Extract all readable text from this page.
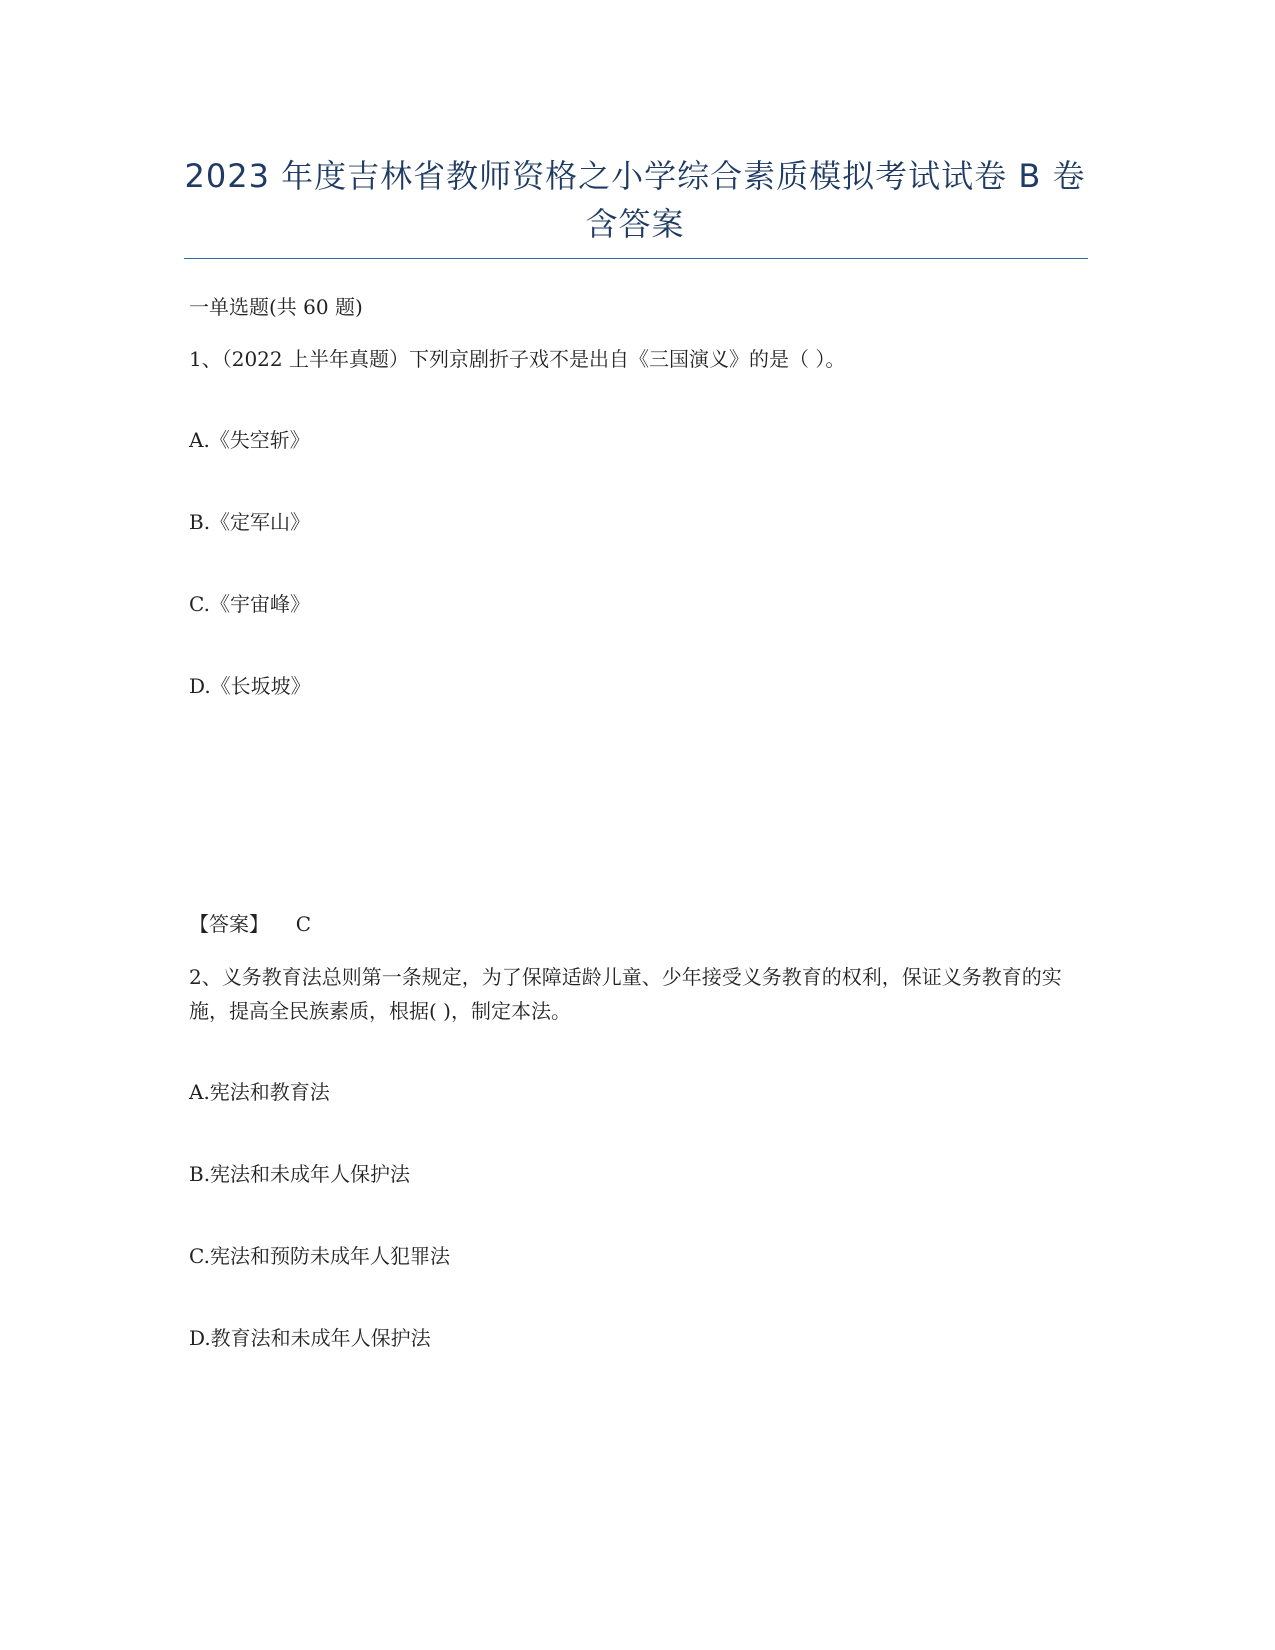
2023 年度吉林省教师资格之小学综合素质模拟考试试卷 B 卷含答案
一单选题(共 60 题)
1、（2022 上半年真题）下列京剧折子戏不是出自《三国演义》的是（ ）。
A.《失空斩》
B.《定军山》
C.《宇宙峰》
D.《长坂坡》
【答案】 C
2、义务教育法总则第一条规定，为了保障适龄儿童、少年接受义务教育的权利，保证义务教育的实施，提高全民族素质，根据( )，制定本法。
A.宪法和教育法
B.宪法和未成年人保护法
C.宪法和预防未成年人犯罪法
D.教育法和未成年人保护法
